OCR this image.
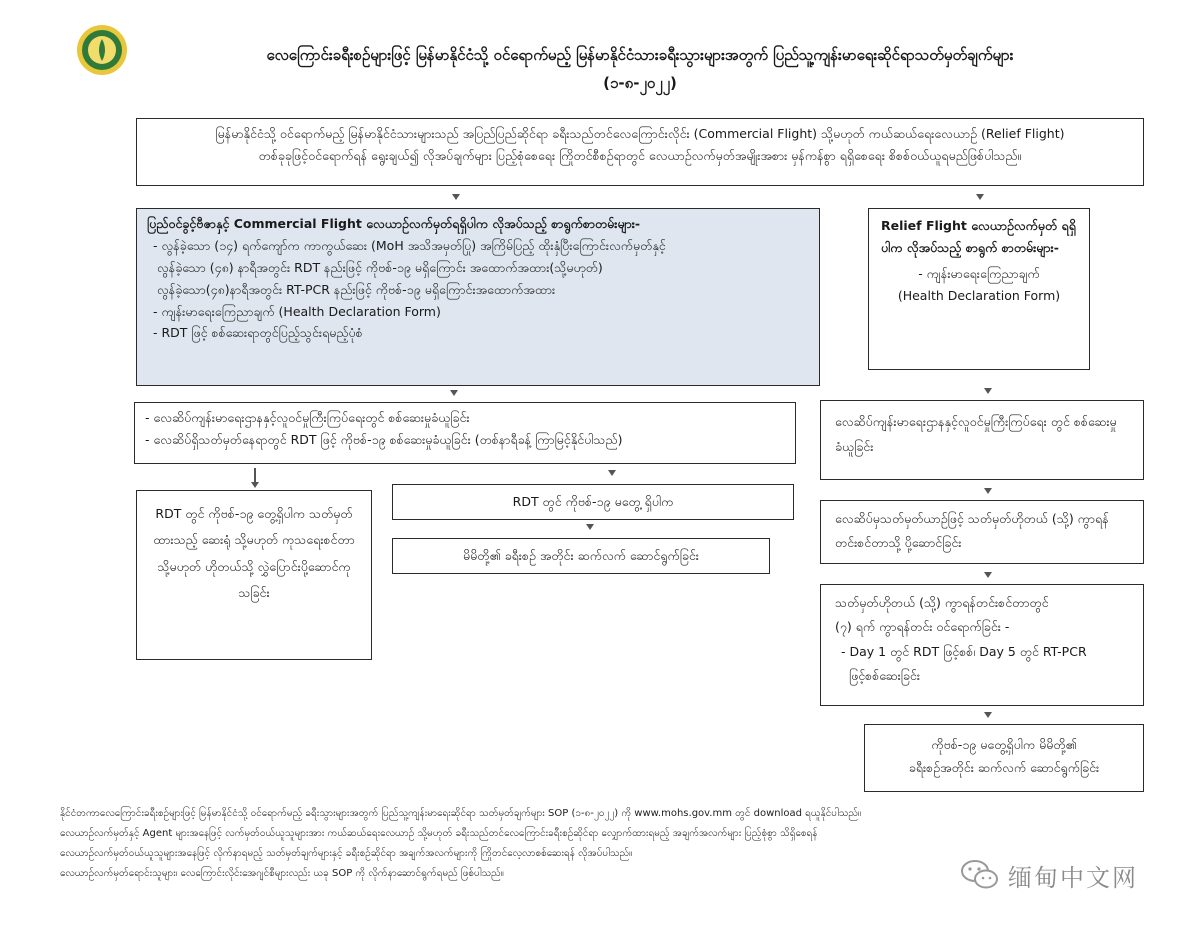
လေကြောင်းခရီးစဉ်များဖြင့် မြန်မာနိုင်ငံသို့ ဝင်ရောက်မည့် မြန်မာနိုင်ငံသားခရီးသွားများအတွက် ပြည်သူ့ကျန်းမာရေးဆိုင်ရာသတ်မှတ်ချက်များ
(၁-၈-၂၀၂၂)
မြန်မာနိုင်ငံသို့ ဝင်ရောက်မည့် မြန်မာနိုင်ငံသားများသည် အပြည်ပြည်ဆိုင်ရာ ခရီးသည်တင်လေကြောင်းလိုင်း (Commercial Flight) သို့မဟုတ် ကယ်ဆယ်ရေးလေယာဉ် (Relief Flight)
တစ်ခုခုဖြင့်ဝင်ရောက်ရန် ရွေးချယ်၍ လိုအပ်ချက်များ ပြည့်စုံစေရေး ကြိုတင်စီစဉ်ရာတွင် လေယာဉ်လက်မှတ်အမျိုးအစား မှန်ကန်စွာ ရရှိစေရေး စိစစ်ဝယ်ယူရမည်ဖြစ်ပါသည်။
ပြည်ဝင်ခွင့်ဗီဇာနှင့် Commercial Flight လေယာဉ်လက်မှတ်ရရှိပါက လိုအပ်သည့် စာရွက်စာတမ်းများ-
- လွန်ခဲ့သော (၁၄) ရက်ကျော်က ကာကွယ်ဆေး (MoH အသိအမှတ်ပြု) အကြိမ်ပြည့် ထိုးနှံပြီးကြောင်းလက်မှတ်နှင့်
လွန်ခဲ့သော (၄၈) နာရီအတွင်း RDT နည်းဖြင့် ကိုဗစ်-၁၉ မရှိကြောင်း အထောက်အထား(သို့မဟုတ်)
လွန်ခဲ့သော(၄၈)နာရီအတွင်း RT-PCR နည်းဖြင့် ကိုဗစ်-၁၉ မရှိကြောင်းအထောက်အထား
- ကျန်းမာရေးကြေညာချက် (Health Declaration Form)
- RDT ဖြင့် စစ်ဆေးရာတွင်ပြည့်သွင်းရမည့်ပုံစံ
Relief Flight လေယာဉ်လက်မှတ် ရရှိပါက လိုအပ်သည့် စာရွက် စာတမ်းများ-
- ကျန်းမာရေးကြေညာချက်
(Health Declaration Form)
- လေဆိပ်ကျန်းမာရေးဌာနနှင့်လူဝင်မှုကြီးကြပ်ရေးတွင် စစ်ဆေးမှုခံယူခြင်း
- လေဆိပ်ရှိသတ်မှတ်နေရာတွင် RDT ဖြင့် ကိုဗစ်-၁၉ စစ်ဆေးမှုခံယူခြင်း (တစ်နာရီခန့် ကြာမြင့်နိုင်ပါသည်)
လေဆိပ်ကျန်းမာရေးဌာနနှင့်လူဝင်မှုကြီးကြပ်ရေး တွင် စစ်ဆေးမှုခံယူခြင်း
RDT တွင် ကိုဗစ်-၁၉ တွေ့ရှိပါက သတ်မှတ်ထားသည့် ဆေးရုံ သို့မဟုတ် ကုသရေးစင်တာ သို့မဟုတ် ဟိုတယ်သို့ လွှဲပြောင်းပို့ဆောင်ကုသခြင်း
RDT တွင် ကိုဗစ်-၁၉ မတွေ့ ရှိပါက
မိမိတို့၏ ခရီးစဉ် အတိုင်း ဆက်လက် ဆောင်ရွက်ခြင်း
လေဆိပ်မှသတ်မှတ်ယာဉ်ဖြင့် သတ်မှတ်ဟိုတယ် (သို့) ကွာရန်တင်းစင်တာသို့ ပို့ဆောင်ခြင်း
သတ်မှတ်ဟိုတယ် (သို့) ကွာရန်တင်းစင်တာတွင်
(၇) ရက် ကွာရန်တင်း ဝင်ရောက်ခြင်း -
- Day 1 တွင် RDT ဖြင့်စစ်၊ Day 5 တွင် RT-PCR
ဖြင့်စစ်ဆေးခြင်း
ကိုဗစ်-၁၉ မတွေ့ရှိပါက မိမိတို့၏
ခရီးစဉ်အတိုင်း ဆက်လက် ဆောင်ရွက်ခြင်း
နိုင်ငံတကာလေကြောင်းခရီးစဉ်များဖြင့် မြန်မာနိုင်ငံသို့ ဝင်ရောက်မည့် ခရီးသွားများအတွက် ပြည်သူ့ကျန်းမာရေးဆိုင်ရာ သတ်မှတ်ချက်များ SOP (၁-၈-၂၀၂၂) ကို www.mohs.gov.mm တွင် download ရယူနိုင်ပါသည်။
လေယာဉ်လက်မှတ်နှင့် Agent များအနေဖြင့် လက်မှတ်ဝယ်ယူသူများအား ကယ်ဆယ်ရေးလေယာဉ် သို့မဟုတ် ခရီးသည်တင်လေကြောင်းခရီးစဉ်ဆိုင်ရာ လျှောက်ထားရမည့် အချက်အလက်များ ပြည့်စုံစွာ သိရှိစေရန်
လေယာဉ်လက်မှတ်ဝယ်ယူသူများအနေဖြင့် လိုက်နာရမည့် သတ်မှတ်ချက်များနှင့် ခရီးစဉ်ဆိုင်ရာ အချက်အလက်များကို ကြိုတင်လေ့လာစစ်ဆေးရန် လိုအပ်ပါသည်။
လေယာဉ်လက်မှတ်ရောင်းသူများ၊ လေကြောင်းလိုင်းအေဂျင်စီများလည်း ယခု SOP ကို လိုက်နာဆောင်ရွက်ရမည် ဖြစ်ပါသည်။	缅甸中文网
